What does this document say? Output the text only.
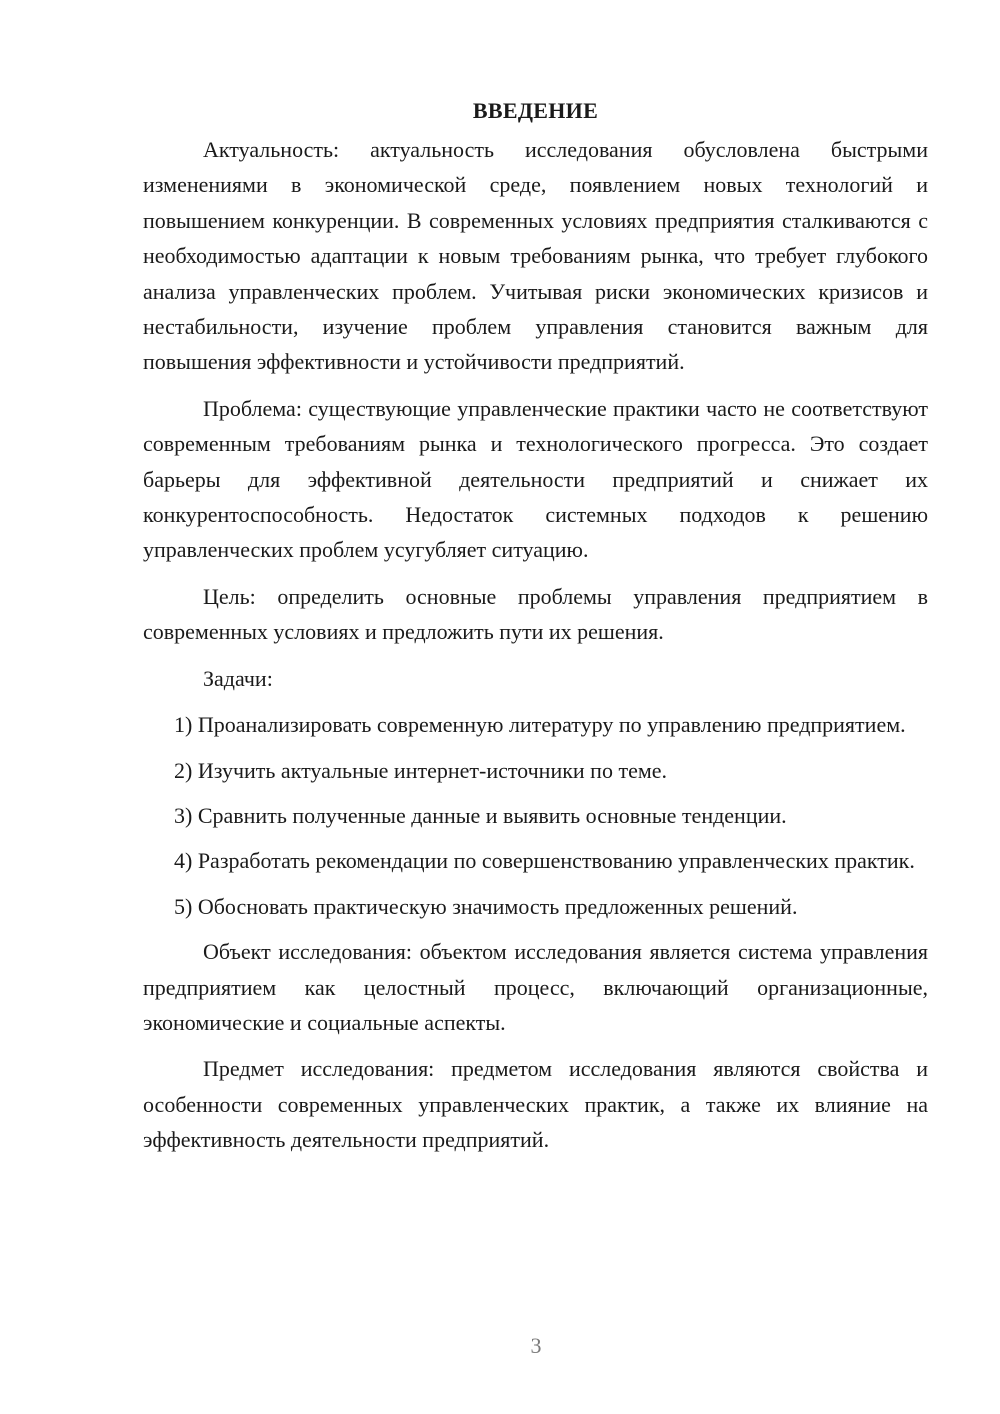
ВВЕДЕНИЕ

Актуальность: актуальность исследования обусловлена быстрыми изменениями в экономической среде, появлением новых технологий и повышением конкуренции. В современных условиях предприятия сталкиваются с необходимостью адаптации к новым требованиям рынка, что требует глубокого анализа управленческих проблем. Учитывая риски экономических кризисов и нестабильности, изучение проблем управления становится важным для повышения эффективности и устойчивости предприятий.

Проблема: существующие управленческие практики часто не соответствуют современным требованиям рынка и технологического прогресса. Это создает барьеры для эффективной деятельности предприятий и снижает их конкурентоспособность. Недостаток системных подходов к решению управленческих проблем усугубляет ситуацию.

Цель: определить основные проблемы управления предприятием в современных условиях и предложить пути их решения.

Задачи:

1) Проанализировать современную литературу по управлению предприятием.

2) Изучить актуальные интернет-источники по теме.

3) Сравнить полученные данные и выявить основные тенденции.

4) Разработать рекомендации по совершенствованию управленческих практик.

5) Обосновать практическую значимость предложенных решений.

Объект исследования: объектом исследования является система управления предприятием как целостный процесс, включающий организационные, экономические и социальные аспекты.

Предмет исследования: предметом исследования являются свойства и особенности современных управленческих практик, а также их влияние на эффективность деятельности предприятий.

3
